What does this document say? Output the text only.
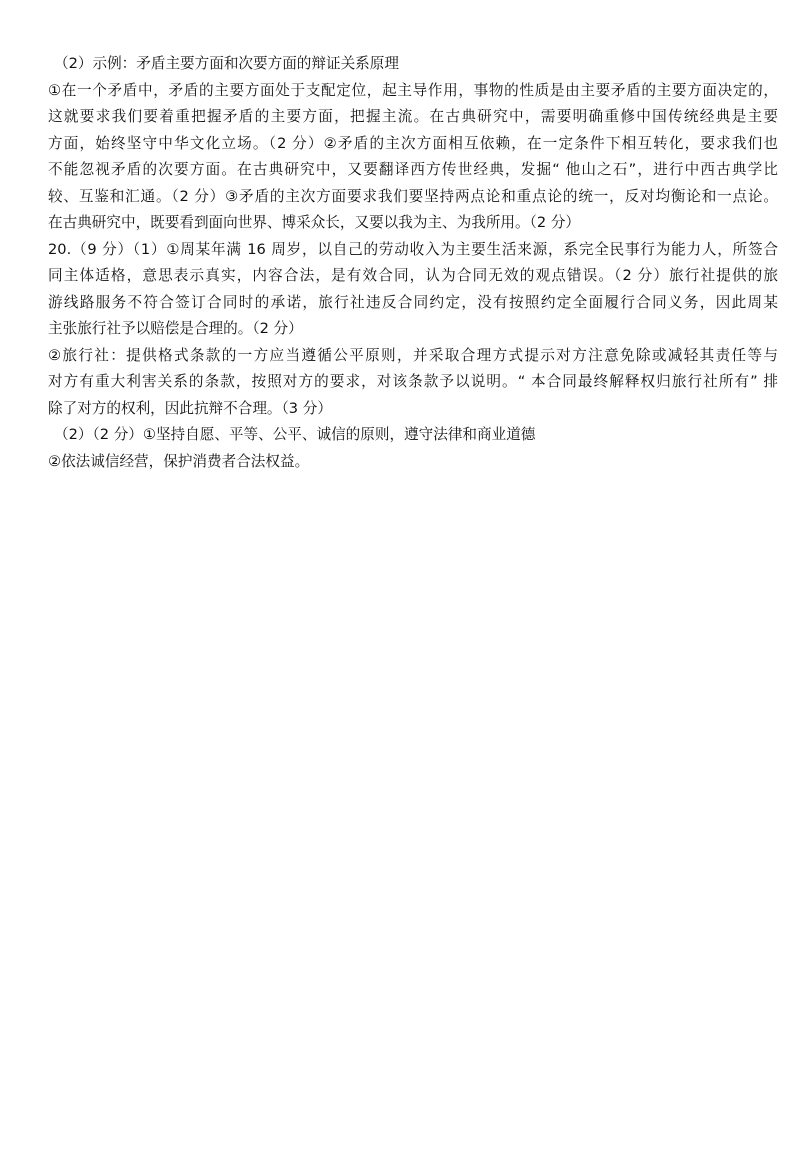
（2）示例：矛盾主要方面和次要方面的辩证关系原理
①在一个矛盾中，矛盾的主要方面处于支配定位，起主导作用，事物的性质是由主要矛盾的主要方面决定的，
这就要求我们要着重把握矛盾的主要方面，把握主流。在古典研究中，需要明确重修中国传统经典是主要
方面，始终坚守中华文化立场。（2 分）②矛盾的主次方面相互依赖，在一定条件下相互转化，要求我们也
不能忽视矛盾的次要方面。在古典研究中，又要翻译西方传世经典，发掘“ 他山之石”，进行中西古典学比
较、互鉴和汇通。（2 分）③矛盾的主次方面要求我们要坚持两点论和重点论的统一，反对均衡论和一点论。
在古典研究中，既要看到面向世界、博采众长，又要以我为主、为我所用。（2 分）
20.（9 分）（1）①周某年满 16 周岁，以自己的劳动收入为主要生活来源，系完全民事行为能力人，所签合
同主体适格，意思表示真实，内容合法，是有效合同，认为合同无效的观点错误。（2 分）旅行社提供的旅
游线路服务不符合签订合同时的承诺，旅行社违反合同约定，没有按照约定全面履行合同义务，因此周某
主张旅行社予以赔偿是合理的。（2 分）
②旅行社：提供格式条款的一方应当遵循公平原则，并采取合理方式提示对方注意免除或减轻其责任等与
对方有重大利害关系的条款，按照对方的要求，对该条款予以说明。“ 本合同最终解释权归旅行社所有” 排
除了对方的权利，因此抗辩不合理。（3 分）
（2）（2 分）①坚持自愿、平等、公平、诚信的原则，遵守法律和商业道德
②依法诚信经营，保护消费者合法权益。
